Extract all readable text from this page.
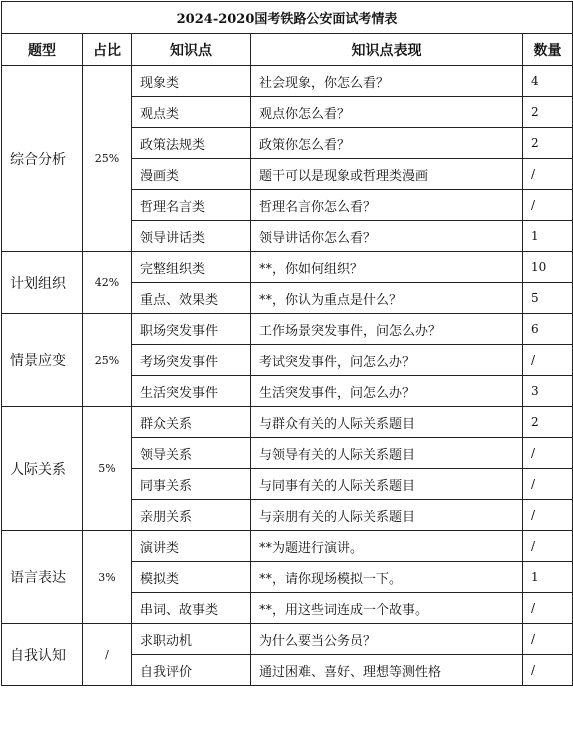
2024-2020国考铁路公安面试考情表				
题型	占比	知识点	知识点表现	数量
综合分析	25%	现象类	社会现象，你怎么看？	4
		观点类	观点你怎么看？	2
		政策法规类	政策你怎么看？	2
		漫画类	题干可以是现象或哲理类漫画	/
		哲理名言类	哲理名言你怎么看？	/
		领导讲话类	领导讲话你怎么看？	1
计划组织	42%	完整组织类	**，你如何组织？	10
		重点、效果类	**，你认为重点是什么？	5
情景应变	25%	职场突发事件	工作场景突发事件，问怎么办？	6
		考场突发事件	考试突发事件，问怎么办？	/
		生活突发事件	生活突发事件，问怎么办？	3
人际关系	5%	群众关系	与群众有关的人际关系题目	2
		领导关系	与领导有关的人际关系题目	/
		同事关系	与同事有关的人际关系题目	/
		亲朋关系	与亲朋有关的人际关系题目	/
语言表达	3%	演讲类	**为题进行演讲。	/
		模拟类	**，请你现场模拟一下。	1
		串词、故事类	**，用这些词连成一个故事。	/
自我认知	/	求职动机	为什么要当公务员？	/
		自我评价	通过困难、喜好、理想等测性格	/
